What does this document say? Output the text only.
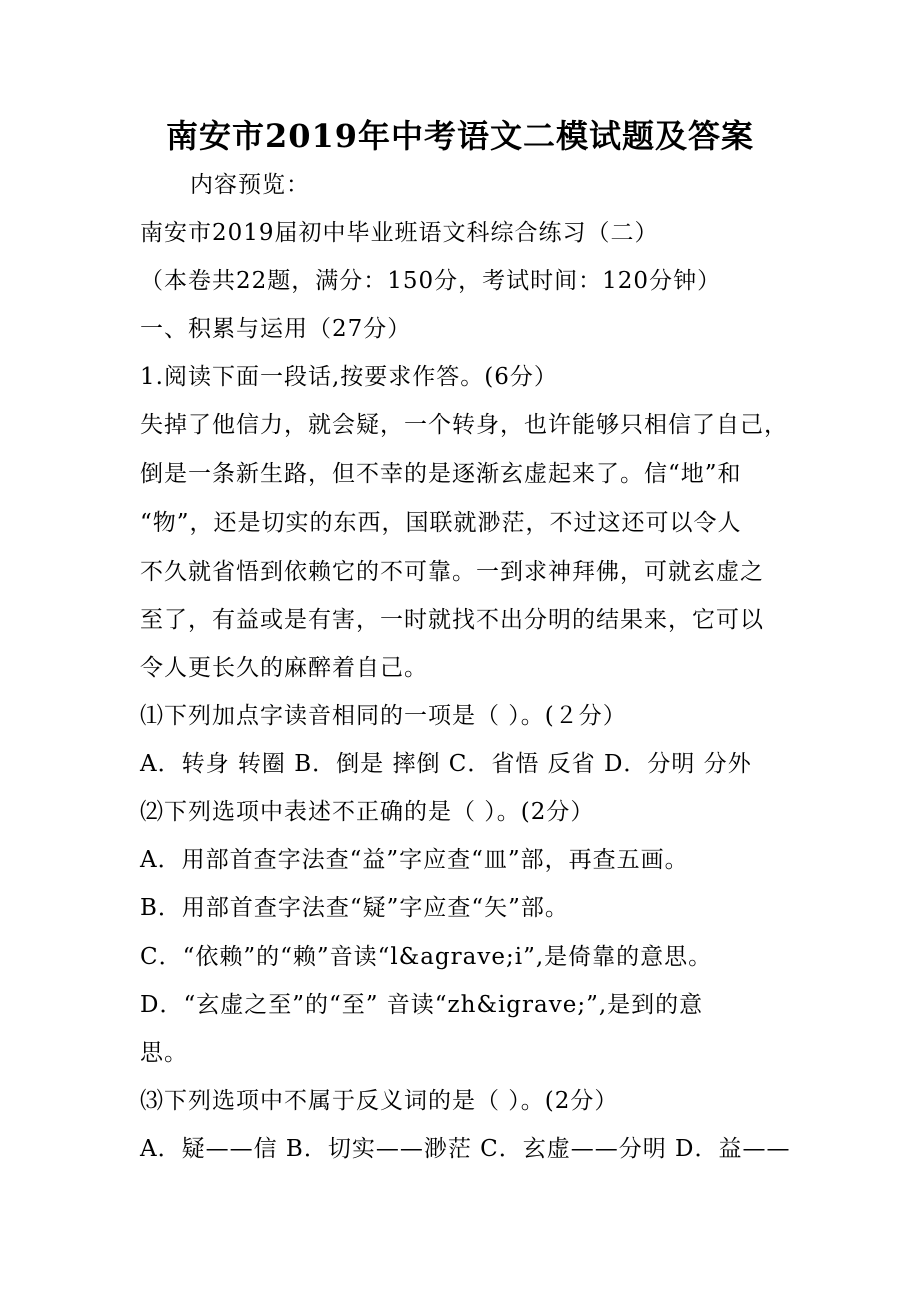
南安市2019年中考语文二模试题及答案
内容预览：
南安市2019届初中毕业班语文科综合练习（二）
（本卷共22题，满分：150分，考试时间：120分钟）
一、积累与运用（27分）
1.阅读下面一段话,按要求作答。(6分）
失掉了他信力，就会疑，一个转身，也许能够只相信了自己，
倒是一条新生路，但不幸的是逐渐玄虚起来了。信“地”和
“物”，还是切实的东西，国联就渺茫，不过这还可以令人
不久就省悟到依赖它的不可靠。一到求神拜佛，可就玄虚之
至了，有益或是有害，一时就找不出分明的结果来，它可以
令人更长久的麻醉着自己。
⑴下列加点字读音相同的一项是（ ）。(２分）
A．转身 转圈 B．倒是 摔倒 C．省悟 反省 D．分明 分外
⑵下列选项中表述不正确的是（ ）。(2分）
A．用部首查字法查“益”字应查“皿”部，再查五画。
B．用部首查字法查“疑”字应查“矢”部。
C．“依赖”的“赖”音读“l&agrave;i”,是倚靠的意思。
D．“玄虚之至”的“至” 音读“zh&igrave;”,是到的意
思。
⑶下列选项中不属于反义词的是（ ）。(2分）
A．疑——信 B．切实——渺茫 C．玄虚——分明 D．益——
